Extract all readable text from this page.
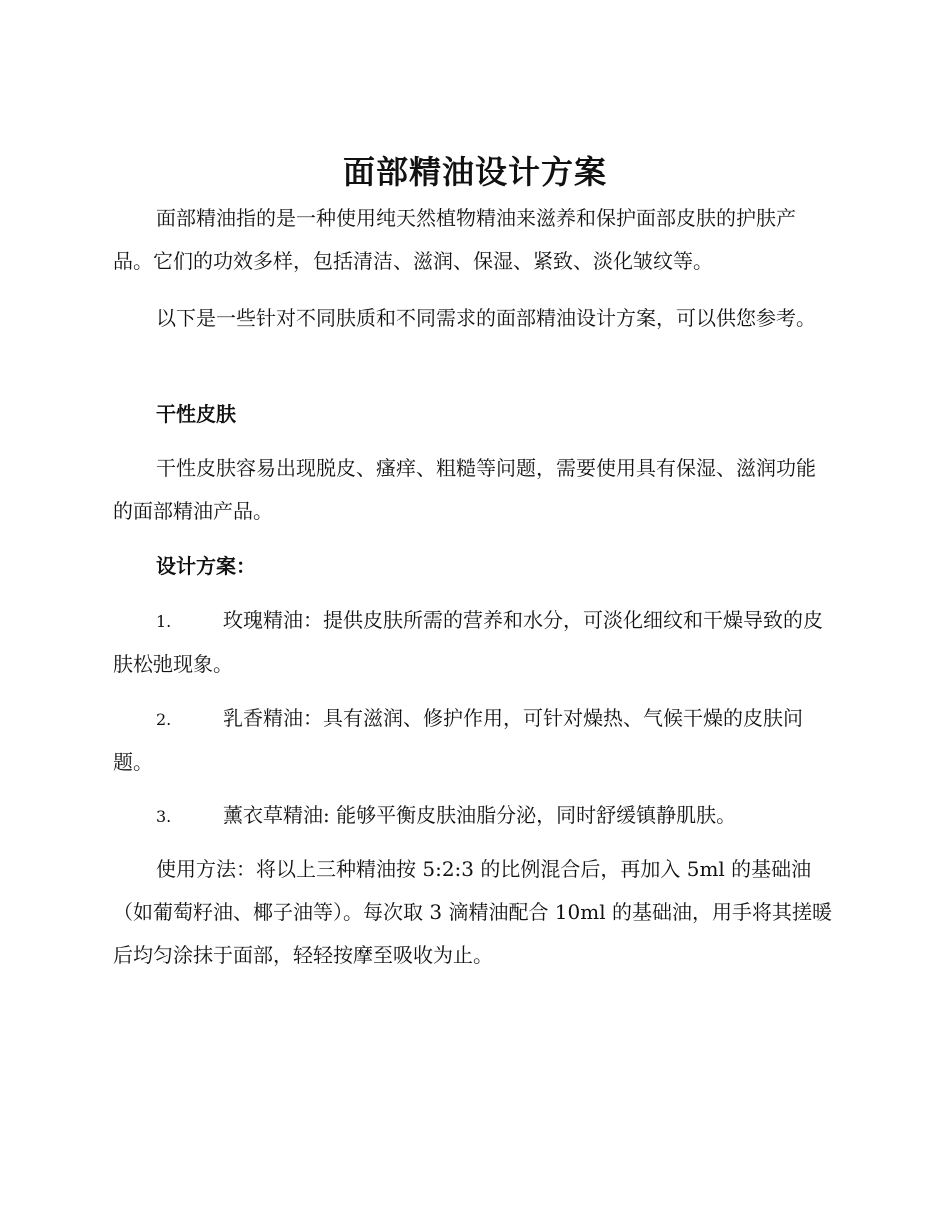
面部精油设计方案

面部精油指的是一种使用纯天然植物精油来滋养和保护面部皮肤的护肤产品。它们的功效多样，包括清洁、滋润、保湿、紧致、淡化皱纹等。

以下是一些针对不同肤质和不同需求的面部精油设计方案，可以供您参考。

干性皮肤

干性皮肤容易出现脱皮、瘙痒、粗糙等问题，需要使用具有保湿、滋润功能的面部精油产品。

设计方案：
1.	玫瑰精油：提供皮肤所需的营养和水分，可淡化细纹和干燥导致的皮肤松弛现象。
2.	乳香精油：具有滋润、修护作用，可针对燥热、气候干燥的皮肤问题。
3.	薰衣草精油: 能够平衡皮肤油脂分泌，同时舒缓镇静肌肤。

使用方法：将以上三种精油按 5:2:3 的比例混合后，再加入 5ml 的基础油（如葡萄籽油、椰子油等）。每次取 3 滴精油配合 10ml 的基础油，用手将其搓暖后均匀涂抹于面部，轻轻按摩至吸收为止。
